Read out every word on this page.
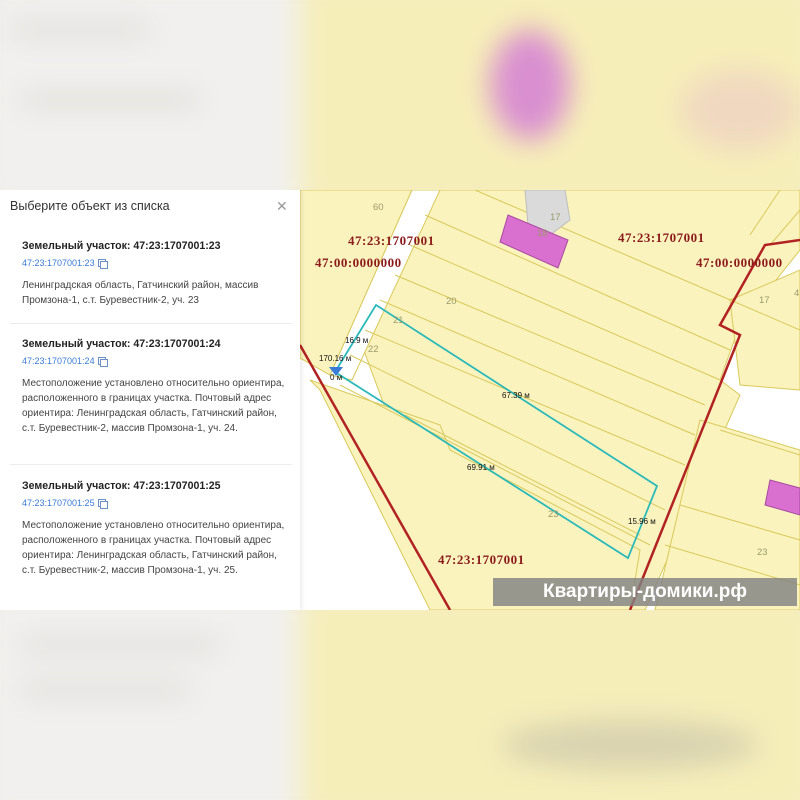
Выберите объект из списка	✕
Земельный участок: 47:23:1707001:23
47:23:1707001:23
Ленинградская область, Гатчинский район, массив Промзона-1, с.т. Буревестник-2, уч. 23
Земельный участок: 47:23:1707001:24
47:23:1707001:24
Местоположение установлено относительно ориентира, расположенного в границах участка. Почтовый адрес ориентира: Ленинградская область, Гатчинский район, с.т. Буревестник-2, массив Промзона-1, уч. 24.
Земельный участок: 47:23:1707001:25
47:23:1707001:25
Местоположение установлено относительно ориентира, расположенного в границах участка. Почтовый адрес ориентира: Ленинградская область, Гатчинский район, с.т. Буревестник-2, массив Промзона-1, уч. 25.
47:23:1707001
47:00:0000000
47:23:1707001
47:00:0000000
47:23:1707001
60
17
18
20
21
22
17
23
23
4
16.9 м
170.16 м
0 м
67.39 м
69.91 м
15.96 м
Квартиры-домики.рф
